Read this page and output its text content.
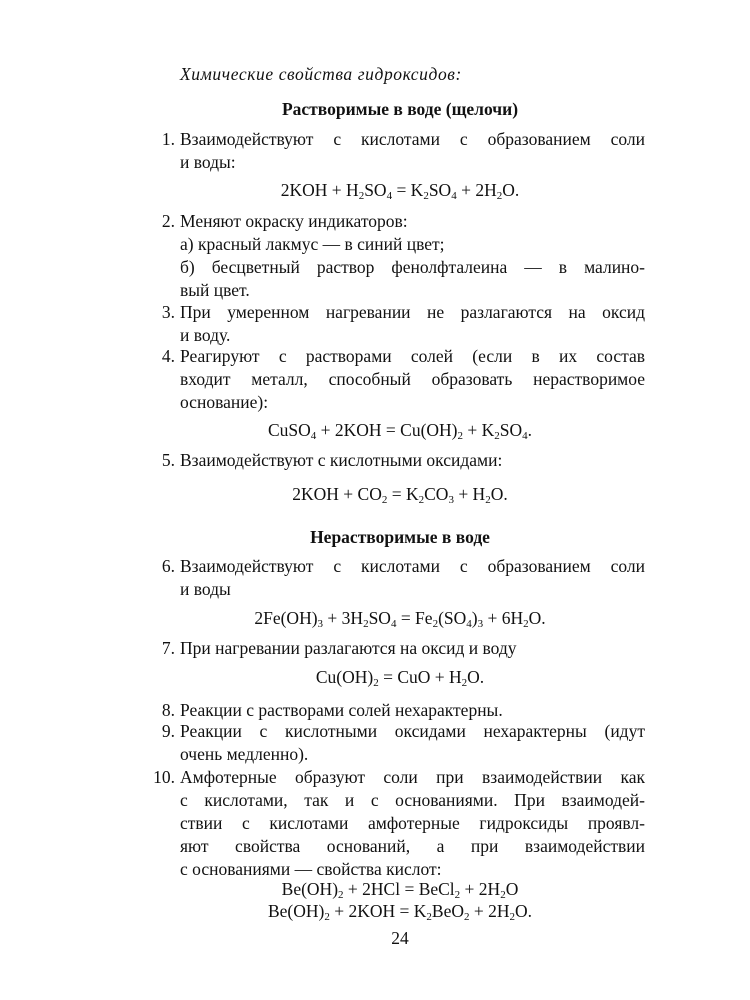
Химические свойства гидроксидов:
Растворимые в воде (щелочи)
1. Взаимодействуют с кислотами с образованием соли
и воды:
$2KOH + H_2SO_4 = K_2SO_4 + 2H_2O$.
2. Меняют окраску индикаторов:
а) красный лакмус — в синий цвет;
б) бесцветный раствор фенолфталеина — в малино-
вый цвет.
3. При умеренном нагревании не разлагаются на оксид
и воду.
4. Реагируют с растворами солей (если в их состав
входит металл, способный образовать нерастворимое
основание):
CuSO$_4$ + $2KOH = Cu(OH)_2 + K_2SO_4$.
5. Взаимодействуют с кислотными оксидами:
$2KOH + CO_2 = K_2CO_3 + H_2O$.
Нерастворимые в воде
6. Взаимодействуют с кислотами с образованием соли
и воды
$2Fe(OH)_3 + 3H_2SO_4 = Fe_2(SO_4)_3 + 6H_2O$.
7. При нагревании разлагаются на оксид и воду
$Cu(OH)_2$ = CuO + $H_2O$.
8. Реакции с растворами солей нехарактерны.
9. Реакции с кислотными оксидами нехарактерны (идут
очень медленно).
10. Амфотерные образуют соли при взаимодействии как
с кислотами, так и с основаниями. При взаимодей-
ствии с кислотами амфотерные гидроксиды проявл-
яют свойства оснований, а при взаимодействии
с основаниями — свойства кислот:
$Be(OH)_2 + 2HCl$ = BeCl$_2$ + $2H_2O$
$Be(OH)_2 + 2KOH = K_2BeO_2 + 2H_2O$.
24
